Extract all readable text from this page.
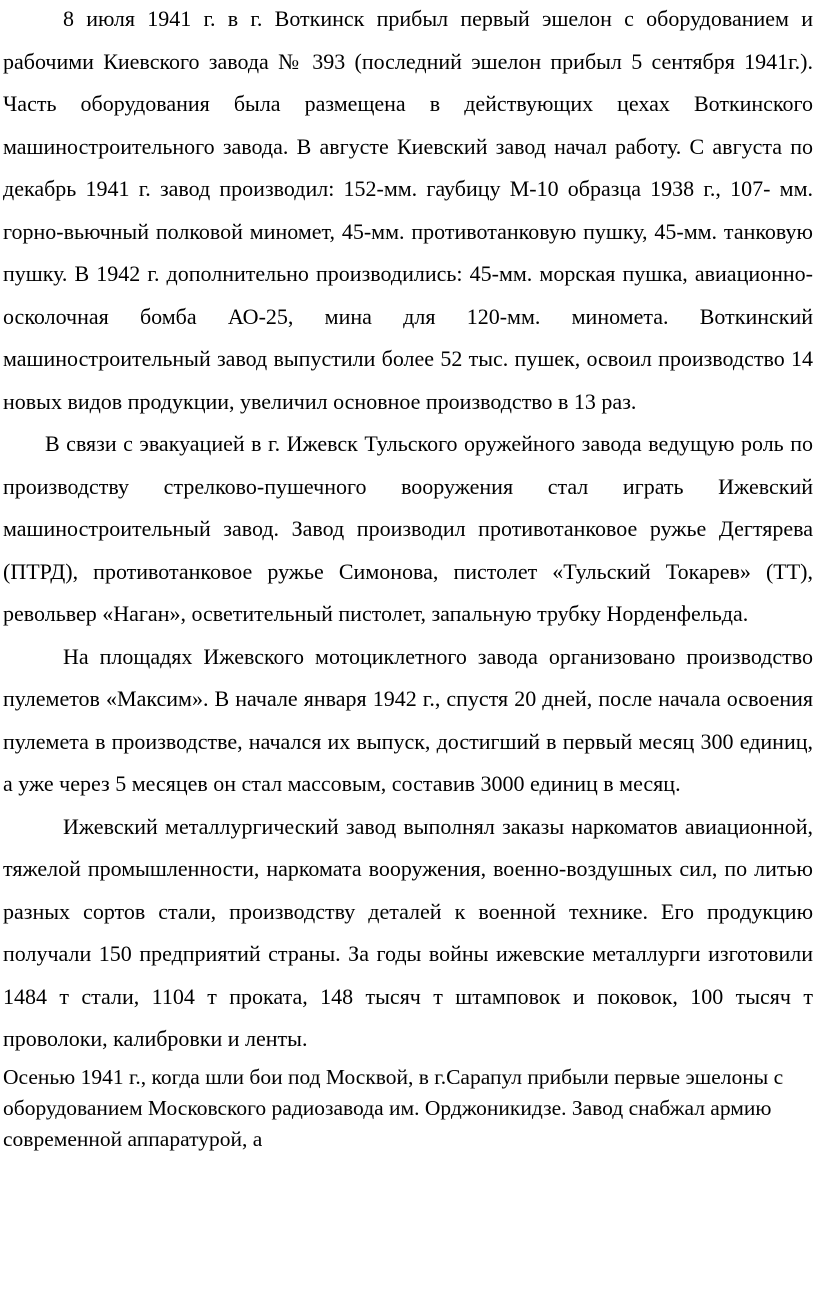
8 июля 1941 г. в г. Воткинск прибыл первый эшелон с оборудованием и рабочими Киевского завода № 393 (последний эшелон прибыл 5 сентября 1941г.). Часть оборудования была размещена в действующих цехах Воткинского машиностроительного завода. В августе Киевский завод начал работу. С августа по декабрь 1941 г. завод производил: 152-мм. гаубицу М-10 образца 1938 г., 107- мм. горно-вьючный полковой миномет, 45-мм. противотанковую пушку, 45-мм. танковую пушку. В 1942 г. дополнительно производились: 45-мм. морская пушка, авиационно-осколочная бомба АО-25, мина для 120-мм. миномета. Воткинский машиностроительный завод выпустили более 52 тыс. пушек, освоил производство 14 новых видов продукции, увеличил основное производство в 13 раз.

В связи с эвакуацией в г. Ижевск Тульского оружейного завода ведущую роль по производству стрелково-пушечного вооружения стал играть Ижевский машиностроительный завод. Завод производил противотанковое ружье Дегтярева (ПТРД), противотанковое ружье Симонова, пистолет «Тульский Токарев» (ТТ), револьвер «Наган», осветительный пистолет, запальную трубку Норденфельда.

На площадях Ижевского мотоциклетного завода организовано производство пулеметов «Максим». В начале января 1942 г., спустя 20 дней, после начала освоения пулемета в производстве, начался их выпуск, достигший в первый месяц 300 единиц, а уже через 5 месяцев он стал массовым, составив 3000 единиц в месяц.

Ижевский металлургический завод выполнял заказы наркоматов авиационной, тяжелой промышленности, наркомата вооружения, военно-воздушных сил, по литью разных сортов стали, производству деталей к военной технике. Его продукцию получали 150 предприятий страны. За годы войны ижевские металлурги изготовили 1484 т стали, 1104 т проката, 148 тысяч т штамповок и поковок, 100 тысяч т проволоки, калибровки и ленты.

Осенью 1941 г., когда шли бои под Москвой, в г.Сарапул прибыли первые эшелоны с оборудованием Московского радиозавода им. Орджоникидзе. Завод снабжал армию современной аппаратурой, а
